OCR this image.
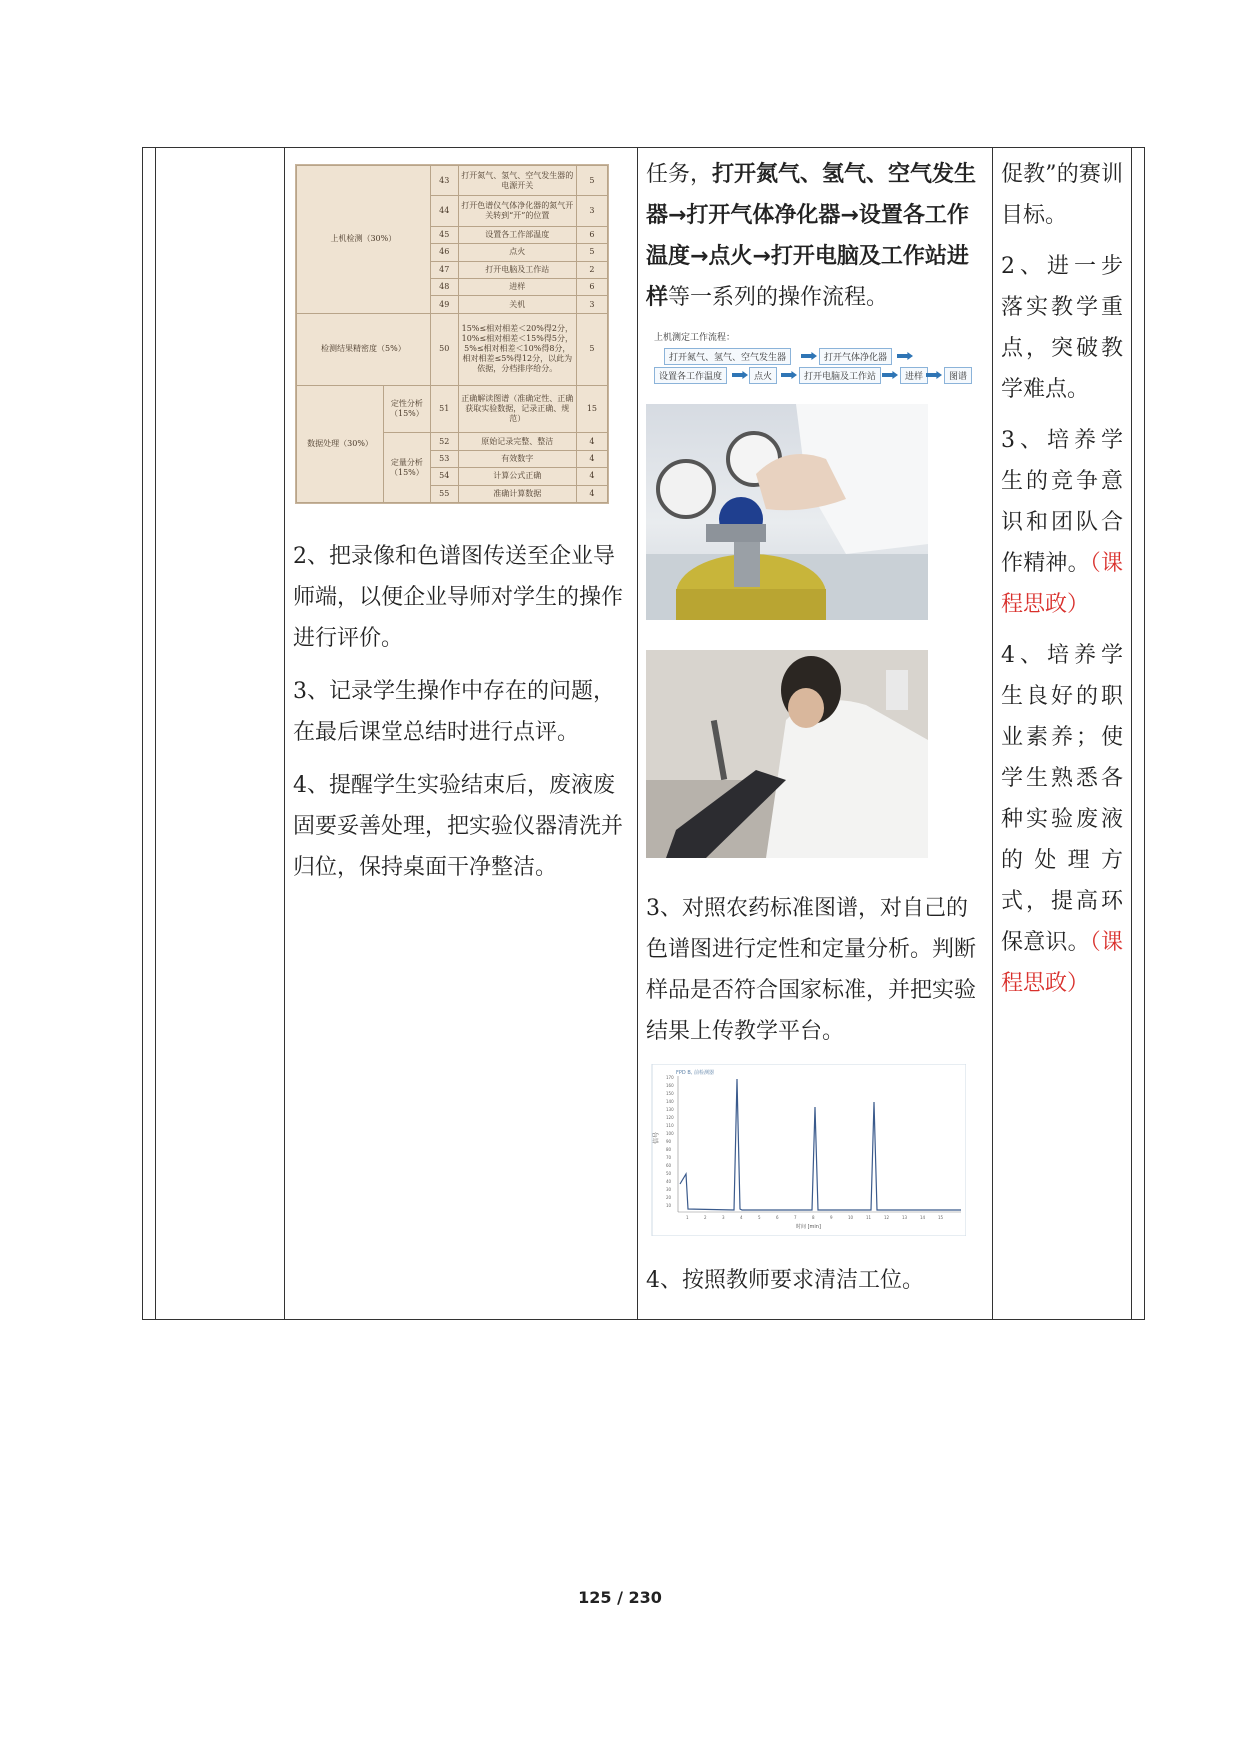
上机检测（30%）	43	打开氮气、氢气、空气发生器的电源开关	5
44	打开色谱仪气体净化器的氮气开关转到“开”的位置	3
45	设置各工作部温度	6
46	点火	5
47	打开电脑及工作站	2
48	进样	6
49	关机	3
检测结果精密度（5%）	50	15%≤相对相差＜20%得2分，10%≤相对相差＜15%得5分，5%≤相对相差＜10%得8分，相对相差≤5%得12分，以此为依据，分档排序给分。	5
数据处理（30%）	定性分析（15%）	51	正确解读图谱（准确定性、正确获取实验数据，记录正确、规范）	15
定量分析（15%）	52	原始记录完整、整洁	4
53	有效数字	4
54	计算公式正确	4
55	准确计算数据	4

2、把录像和色谱图传送至企业导师端，以便企业导师对学生的操作进行评价。

3、记录学生操作中存在的问题，在最后课堂总结时进行点评。

4、提醒学生实验结束后，废液废固要妥善处理，把实验仪器清洗并归位，保持桌面干净整洁。

任务，打开氮气、氢气、空气发生器→打开气体净化器→设置各工作温度→点火→打开电脑及工作站进样等一系列的操作流程。

上机测定工作流程：
打开氮气、氢气、空气发生器	打开气体净化器
设置各工作温度	点火	打开电脑及工作站	进样	图谱

3、对照农药标准图谱，对自己的色谱图进行定性和定量分析。判断样品是否符合国家标准，并把实验结果上传教学平台。

FPD B, 前检测器
信号
170
160
150
140
130
120
110
100
90
80
70
60
50
40
30
20
10
1	2	3	4	5	6	7	8	9	10	11	12	13	14	15
时间 [min]

4、按照教师要求清洁工位。

促教”的赛训目标。

2、进一步落实教学重点，突破教学难点。

3、培养学生的竞争意识和团队合作精神。（课程思政）

4、培养学生良好的职业素养；使学生熟悉各种实验废液的处理方式，提高环保意识。（课程思政）

125 / 230
